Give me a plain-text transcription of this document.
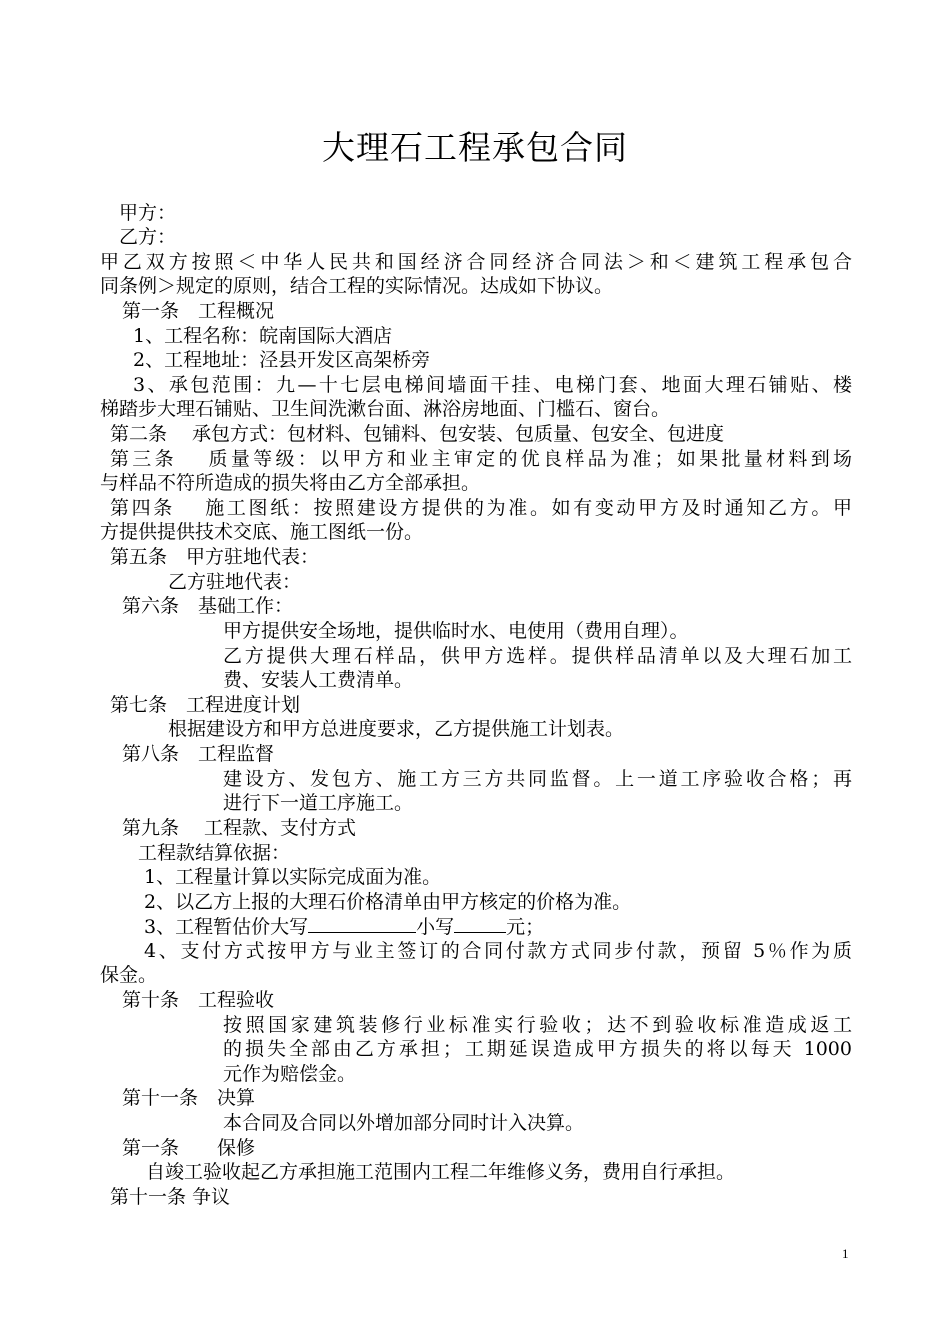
大理石工程承包合同
甲方：
乙方：
甲乙双方按照＜中华人民共和国经济合同经济合同法＞和＜建筑工程承包合
同条例＞规定的原则，结合工程的实际情况。达成如下协议。
第一条　工程概况
1、工程名称：皖南国际大酒店
2、工程地址：泾县开发区高架桥旁
3、承包范围：九—十七层电梯间墙面干挂、电梯门套、地面大理石铺贴、楼
梯踏步大理石铺贴、卫生间洗漱台面、淋浴房地面、门槛石、窗台。
第二条　 承包方式：包材料、包铺料、包安装、包质量、包安全、包进度
第三条　 质量等级：以甲方和业主审定的优良样品为准；如果批量材料到场
与样品不符所造成的损失将由乙方全部承担。
第四条　 施工图纸：按照建设方提供的为准。如有变动甲方及时通知乙方。甲
方提供提供技术交底、施工图纸一份。
第五条　甲方驻地代表：
乙方驻地代表：
第六条　基础工作：
甲方提供安全场地，提供临时水、电使用（费用自理）。
乙方提供大理石样品，供甲方选样。提供样品清单以及大理石加工
费、安装人工费清单。
第七条　工程进度计划
根据建设方和甲方总进度要求，乙方提供施工计划表。
第八条　工程监督
建设方、发包方、施工方三方共同监督。上一道工序验收合格；再
进行下一道工序施工。
第九条　 工程款、支付方式
工程款结算依据：
1、工程量计算以实际完成面为准。
2、以乙方上报的大理石价格清单由甲方核定的价格为准。
3、工程暂估价大写	小写	元；
4、支付方式按甲方与业主签订的合同付款方式同步付款，预留 5％作为质
保金。
第十条　工程验收
按照国家建筑装修行业标准实行验收；达不到验收标准造成返工
的损失全部由乙方承担；工期延误造成甲方损失的将以每天 1000
元作为赔偿金。
第十一条　决算
本合同及合同以外增加部分同时计入决算。
第一条　　保修
自竣工验收起乙方承担施工范围内工程二年维修义务，费用自行承担。
第十一条 争议
1
